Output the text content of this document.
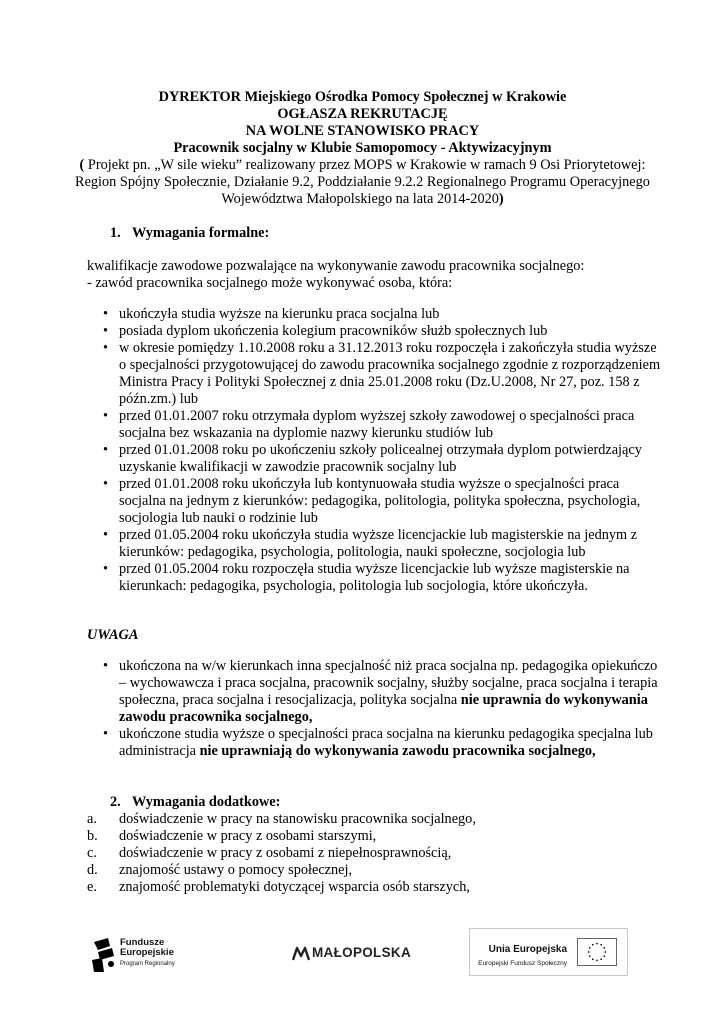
DYREKTOR Miejskiego Ośrodka Pomocy Społecznej w Krakowie
OGŁASZA REKRUTACJĘ
NA WOLNE STANOWISKO PRACY
Pracownik socjalny w Klubie Samopomocy - Aktywizacyjnym
( Projekt pn. „W sile wieku” realizowany przez MOPS w Krakowie w ramach 9 Osi Priorytetowej: Region Spójny Społecznie, Działanie 9.2, Poddziałanie 9.2.2 Regionalnego Programu Operacyjnego Województwa Małopolskiego na lata 2014-2020)
1. Wymagania formalne:
kwalifikacje zawodowe pozwalające na wykonywanie zawodu pracownika socjalnego:
- zawód pracownika socjalnego może wykonywać osoba, która:
• ukończyła studia wyższe na kierunku praca socjalna lub
• posiada dyplom ukończenia kolegium pracowników służb społecznych lub
• w okresie pomiędzy 1.10.2008 roku a 31.12.2013 roku rozpoczęła i zakończyła studia wyższe o specjalności przygotowującej do zawodu pracownika socjalnego zgodnie z rozporządzeniem Ministra Pracy i Polityki Społecznej z dnia 25.01.2008 roku (Dz.U.2008, Nr 27, poz. 158 z późn.zm.) lub
• przed 01.01.2007 roku otrzymała dyplom wyższej szkoły zawodowej o specjalności praca socjalna bez wskazania na dyplomie nazwy kierunku studiów lub
• przed 01.01.2008 roku po ukończeniu szkoły policealnej otrzymała dyplom potwierdzający uzyskanie kwalifikacji w zawodzie pracownik socjalny lub
• przed 01.01.2008 roku ukończyła lub kontynuowała studia wyższe o specjalności praca socjalna na jednym z kierunków: pedagogika, politologia, polityka społeczna, psychologia, socjologia lub nauki o rodzinie lub
• przed 01.05.2004 roku ukończyła studia wyższe licencjackie lub magisterskie na jednym z kierunków: pedagogika, psychologia, politologia, nauki społeczne, socjologia lub
• przed 01.05.2004 roku rozpoczęła studia wyższe licencjackie lub wyższe magisterskie na kierunkach: pedagogika, psychologia, politologia lub socjologia, które ukończyła.
UWAGA
• ukończona na w/w kierunkach inna specjalność niż praca socjalna np. pedagogika opiekuńczo – wychowawcza i praca socjalna, pracownik socjalny, służby socjalne, praca socjalna i terapia społeczna, praca socjalna i resocjalizacja, polityka socjalna nie uprawnia do wykonywania zawodu pracownika socjalnego,
• ukończone studia wyższe o specjalności praca socjalna na kierunku pedagogika specjalna lub administracja nie uprawniają do wykonywania zawodu pracownika socjalnego,
2. Wymagania dodatkowe:
a. doświadczenie w pracy na stanowisku pracownika socjalnego,
b. doświadczenie w pracy z osobami starszymi,
c. doświadczenie w pracy z osobami z niepełnosprawnością,
d. znajomość ustawy o pomocy społecznej,
e. znajomość problematyki dotyczącej wsparcia osób starszych,
Fundusze
Europejskie
Program Regionalny
MAŁOPOLSKA	Unia Europejska
Europejski Fundusz Społeczny
